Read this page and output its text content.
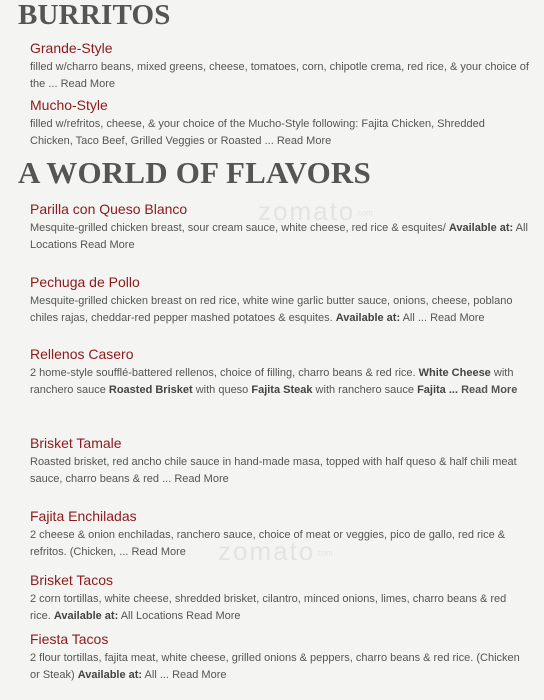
zomato.com
zomato.com
BURRITOS

Grande-Style

filled w/charro beans, mixed greens, cheese, tomatoes, corn, chipotle crema, red rice, & your choice of the ... Read More

Mucho-Style

filled w/refritos, cheese, & your choice of the Mucho-Style following: Fajita Chicken, Shredded Chicken, Taco Beef, Grilled Veggies or Roasted ... Read More

A WORLD OF FLAVORS

Parilla con Queso Blanco

Mesquite-grilled chicken breast, sour cream sauce, white cheese, red rice & esquites/ Available at: All Locations Read More

Pechuga de Pollo

Mesquite-grilled chicken breast on red rice, white wine garlic butter sauce, onions, cheese, poblano chiles rajas, cheddar-red pepper mashed potatoes & esquites. Available at: All ... Read More

Rellenos Casero

2 home-style soufflé-battered rellenos, choice of filling, charro beans & red rice. White Cheese with ranchero sauce Roasted Brisket with queso Fajita Steak with ranchero sauce Fajita ... Read More

Brisket Tamale

Roasted brisket, red ancho chile sauce in hand-made masa, topped with half queso & half chili meat sauce, charro beans & red ... Read More

Fajita Enchiladas

2 cheese & onion enchiladas, ranchero sauce, choice of meat or veggies, pico de gallo, red rice & refritos. (Chicken, ... Read More

Brisket Tacos

2 corn tortillas, white cheese, shredded brisket, cilantro, minced onions, limes, charro beans & red rice. Available at: All Locations Read More

Fiesta Tacos

2 flour tortillas, fajita meat, white cheese, grilled onions & peppers, charro beans & red rice. (Chicken or Steak) Available at: All ... Read More
